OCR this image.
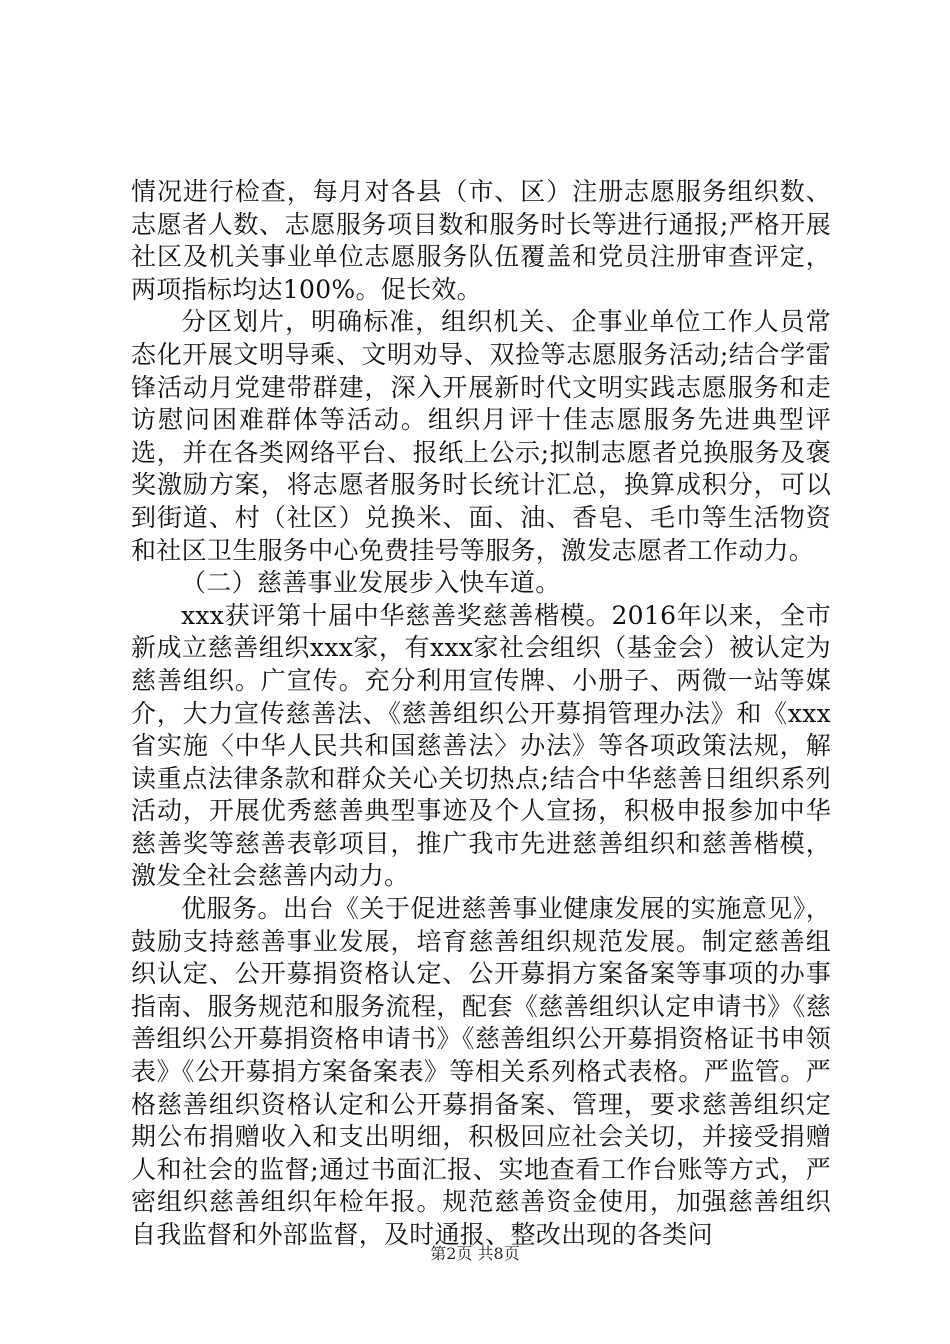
情况进行检查，每月对各县（市、区）注册志愿服务组织数、志愿者人数、志愿服务项目数和服务时长等进行通报;严格开展社区及机关事业单位志愿服务队伍覆盖和党员注册审查评定，两项指标均达100%。促长效。

分区划片，明确标准，组织机关、企事业单位工作人员常态化开展文明导乘、文明劝导、双捡等志愿服务活动;结合学雷锋活动月党建带群建，深入开展新时代文明实践志愿服务和走访慰问困难群体等活动。组织月评十佳志愿服务先进典型评选，并在各类网络平台、报纸上公示;拟制志愿者兑换服务及褒奖激励方案，将志愿者服务时长统计汇总，换算成积分，可以到街道、村（社区）兑换米、面、油、香皂、毛巾等生活物资和社区卫生服务中心免费挂号等服务，激发志愿者工作动力。

（二）慈善事业发展步入快车道。

xxx获评第十届中华慈善奖慈善楷模。2016年以来，全市新成立慈善组织xxx家，有xxx家社会组织（基金会）被认定为慈善组织。广宣传。充分利用宣传牌、小册子、两微一站等媒介，大力宣传慈善法、《慈善组织公开募捐管理办法》和《xxx省实施〈中华人民共和国慈善法〉办法》等各项政策法规，解读重点法律条款和群众关心关切热点;结合中华慈善日组织系列活动，开展优秀慈善典型事迹及个人宣扬，积极申报参加中华慈善奖等慈善表彰项目，推广我市先进慈善组织和慈善楷模，激发全社会慈善内动力。

优服务。出台《关于促进慈善事业健康发展的实施意见》，鼓励支持慈善事业发展，培育慈善组织规范发展。制定慈善组织认定、公开募捐资格认定、公开募捐方案备案等事项的办事指南、服务规范和服务流程，配套《慈善组织认定申请书》《慈善组织公开募捐资格申请书》《慈善组织公开募捐资格证书申领表》《公开募捐方案备案表》等相关系列格式表格。严监管。严格慈善组织资格认定和公开募捐备案、管理，要求慈善组织定期公布捐赠收入和支出明细，积极回应社会关切，并接受捐赠人和社会的监督;通过书面汇报、实地查看工作台账等方式，严密组织慈善组织年检年报。规范慈善资金使用，加强慈善组织自我监督和外部监督，及时通报、整改出现的各类问

第2页 共8页
